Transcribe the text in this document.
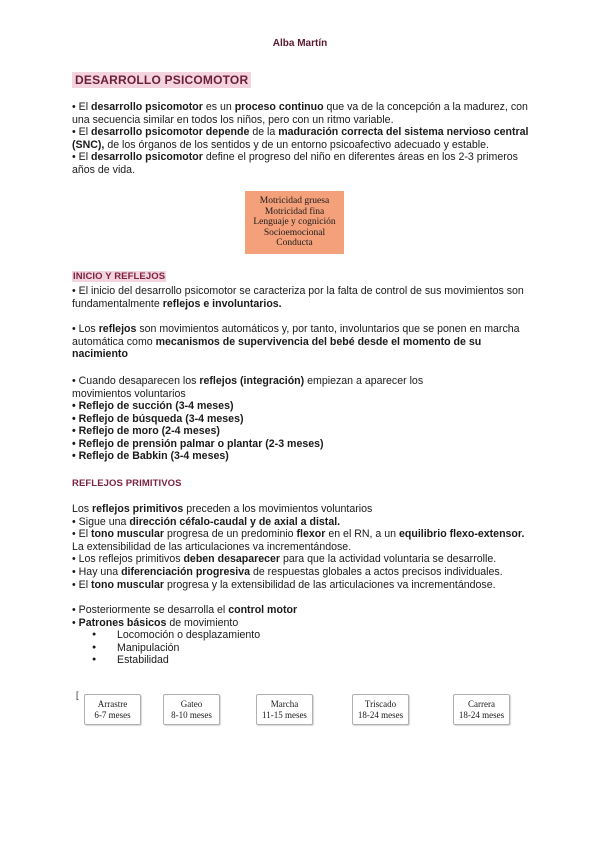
Alba Martín
DESARROLLO PSICOMOTOR

• El desarrollo psicomotor es un proceso continuo que va de la concepción a la madurez, con una secuencia similar en todos los niños, pero con un ritmo variable.

• El desarrollo psicomotor depende de la maduración correcta del sistema nervioso central (SNC), de los órganos de los sentidos y de un entorno psicoafectivo adecuado y estable.

• El desarrollo psicomotor define el progreso del niño en diferentes áreas en los 2-3 primeros años de vida.

Motricidad gruesa
Motricidad fina
Lenguaje y cognición
Socioemocional
Conducta
INICIO Y REFLEJOS

• El inicio del desarrollo psicomotor se caracteriza por la falta de control de sus movimientos son fundamentalmente reflejos e involuntarios.

• Los reflejos son movimientos automáticos y, por tanto, involuntarios que se ponen en marcha automática como mecanismos de supervivencia del bebé desde el momento de su nacimiento

• Cuando desaparecen los reflejos (integración) empiezan a aparecer los movimientos voluntarios

• Reflejo de succión (3-4 meses)

• Reflejo de búsqueda (3-4 meses)

• Reflejo de moro (2-4 meses)

• Reflejo de prensión palmar o plantar (2-3 meses)

• Reflejo de Babkin (3-4 meses)

REFLEJOS PRIMITIVOS

Los reflejos primitivos preceden a los movimientos voluntarios

• Sigue una dirección céfalo-caudal y de axial a distal.

• El tono muscular progresa de un predominio flexor en el RN, a un equilibrio flexo-extensor. La extensibilidad de las articulaciones va incrementándose.

• Los reflejos primitivos deben desaparecer para que la actividad voluntaria se desarrolle.

• Hay una diferenciación progresiva de respuestas globales a actos precisos individuales.

• El tono muscular progresa y la extensibilidad de las articulaciones va incrementándose.

• Posteriormente se desarrolla el control motor

• Patrones básicos de movimiento

● Locomoción o desplazamiento
● Manipulación
● Estabilidad
[
Arrastre
6-7 meses
Gateo
8-10 meses
Marcha
11-15 meses
Triscado
18-24 meses
Carrera
18-24 meses
